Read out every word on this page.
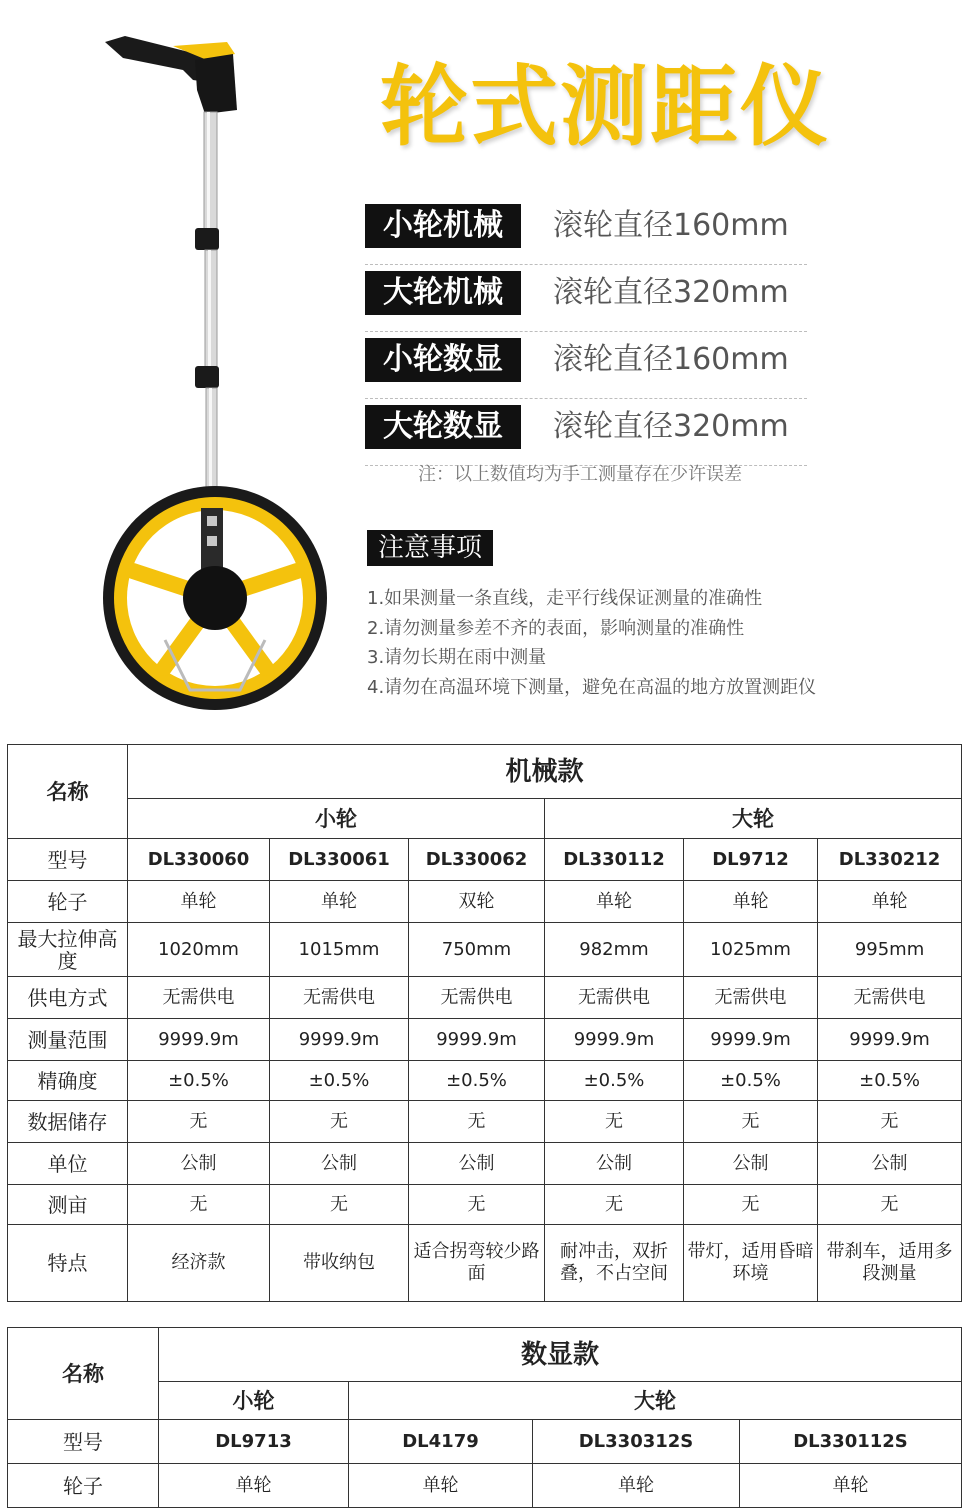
轮式测距仪
小轮机械	滚轮直径160mm
大轮机械	滚轮直径320mm
小轮数显	滚轮直径160mm
大轮数显	滚轮直径320mm
注：以上数值均为手工测量存在少许误差
注意事项
1.如果测量一条直线，走平行线保证测量的准确性
2.请勿测量参差不齐的表面，影响测量的准确性
3.请勿长期在雨中测量
4.请勿在高温环境下测量，避免在高温的地方放置测距仪
名称	机械款					
	小轮			大轮		
型号	DL330060	DL330061	DL330062	DL330112	DL9712	DL330212
轮子	单轮	单轮	双轮	单轮	单轮	单轮
最大拉伸高度	1020mm	1015mm	750mm	982mm	1025mm	995mm
供电方式	无需供电	无需供电	无需供电	无需供电	无需供电	无需供电
测量范围	9999.9m	9999.9m	9999.9m	9999.9m	9999.9m	9999.9m
精确度	±0.5%	±0.5%	±0.5%	±0.5%	±0.5%	±0.5%
数据储存	无	无	无	无	无	无
单位	公制	公制	公制	公制	公制	公制
测亩	无	无	无	无	无	无
特点	经济款	带收纳包	适合拐弯较少路面	耐冲击，双折叠，不占空间	带灯，适用昏暗环境	带刹车，适用多段测量
名称	数显款			
	小轮	大轮		
型号	DL9713	DL4179	DL330312S	DL330112S
轮子	单轮	单轮	单轮	单轮
